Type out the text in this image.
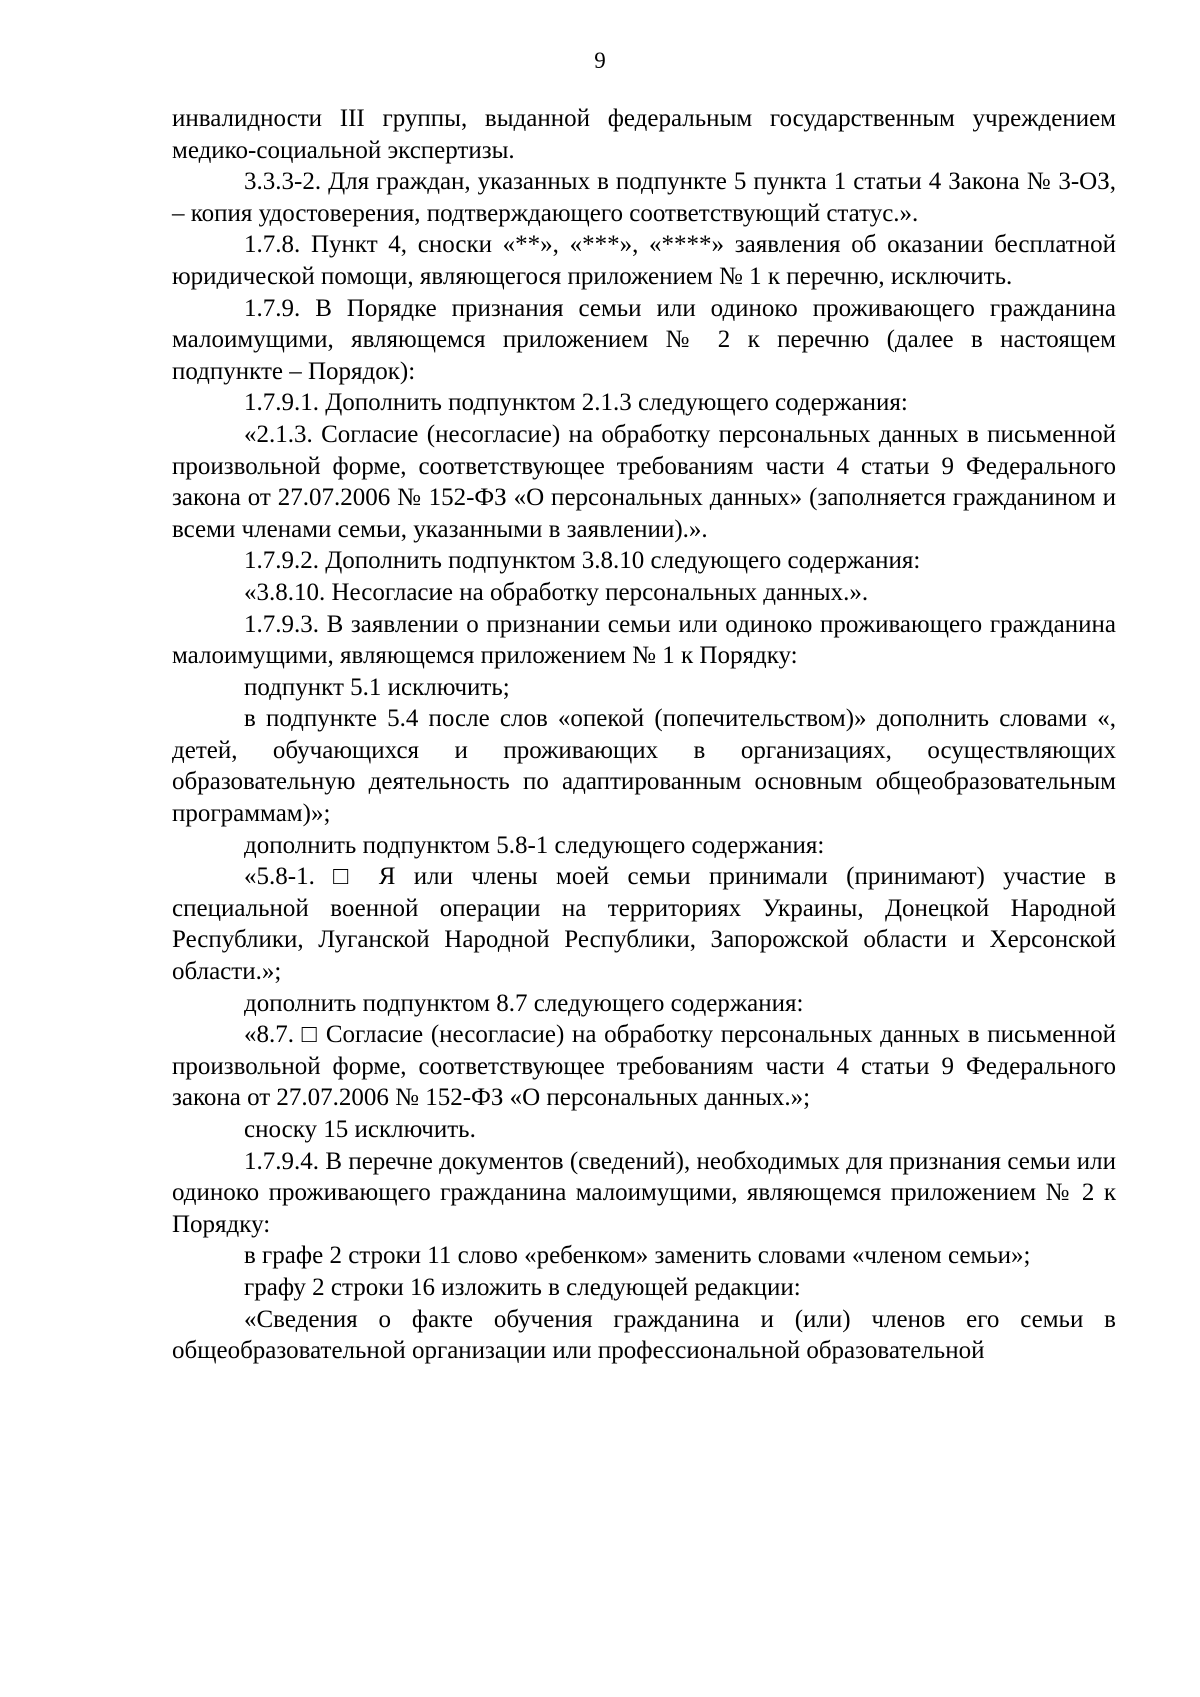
9

инвалидности III группы, выданной федеральным государственным учреждением медико-социальной экспертизы.

3.3.3-2. Для граждан, указанных в подпункте 5 пункта 1 статьи 4 Закона № 3-ОЗ, – копия удостоверения, подтверждающего соответствующий статус.».

1.7.8. Пункт 4, сноски «**», «***», «****» заявления об оказании бесплатной юридической помощи, являющегося приложением № 1 к перечню, исключить.

1.7.9. В Порядке признания семьи или одиноко проживающего гражданина малоимущими, являющемся приложением № 2 к перечню (далее в настоящем подпункте – Порядок):

1.7.9.1. Дополнить подпунктом 2.1.3 следующего содержания:

«2.1.3. Согласие (несогласие) на обработку персональных данных в письменной произвольной форме, соответствующее требованиям части 4 статьи 9 Федерального закона от 27.07.2006 № 152-ФЗ «О персональных данных» (заполняется гражданином и всеми членами семьи, указанными в заявлении).».

1.7.9.2. Дополнить подпунктом 3.8.10 следующего содержания:

«3.8.10. Несогласие на обработку персональных данных.».

1.7.9.3. В заявлении о признании семьи или одиноко проживающего гражданина малоимущими, являющемся приложением № 1 к Порядку:

подпункт 5.1 исключить;

в подпункте 5.4 после слов «опекой (попечительством)» дополнить словами «, детей, обучающихся и проживающих в организациях, осуществляющих образовательную деятельность по адаптированным основным общеобразовательным программам)»;

дополнить подпунктом 5.8-1 следующего содержания:

«5.8-1. □ Я или члены моей семьи принимали (принимают) участие в специальной военной операции на территориях Украины, Донецкой Народной Республики, Луганской Народной Республики, Запорожской области и Херсонской области.»;

дополнить подпунктом 8.7 следующего содержания:

«8.7. □ Согласие (несогласие) на обработку персональных данных в письменной произвольной форме, соответствующее требованиям части 4 статьи 9 Федерального закона от 27.07.2006 № 152-ФЗ «О персональных данных.»;

сноску 15 исключить.

1.7.9.4. В перечне документов (сведений), необходимых для признания семьи или одиноко проживающего гражданина малоимущими, являющемся приложением № 2 к Порядку:

в графе 2 строки 11 слово «ребенком» заменить словами «членом семьи»;

графу 2 строки 16 изложить в следующей редакции:

«Сведения о факте обучения гражданина и (или) членов его семьи в общеобразовательной организации или профессиональной образовательной
